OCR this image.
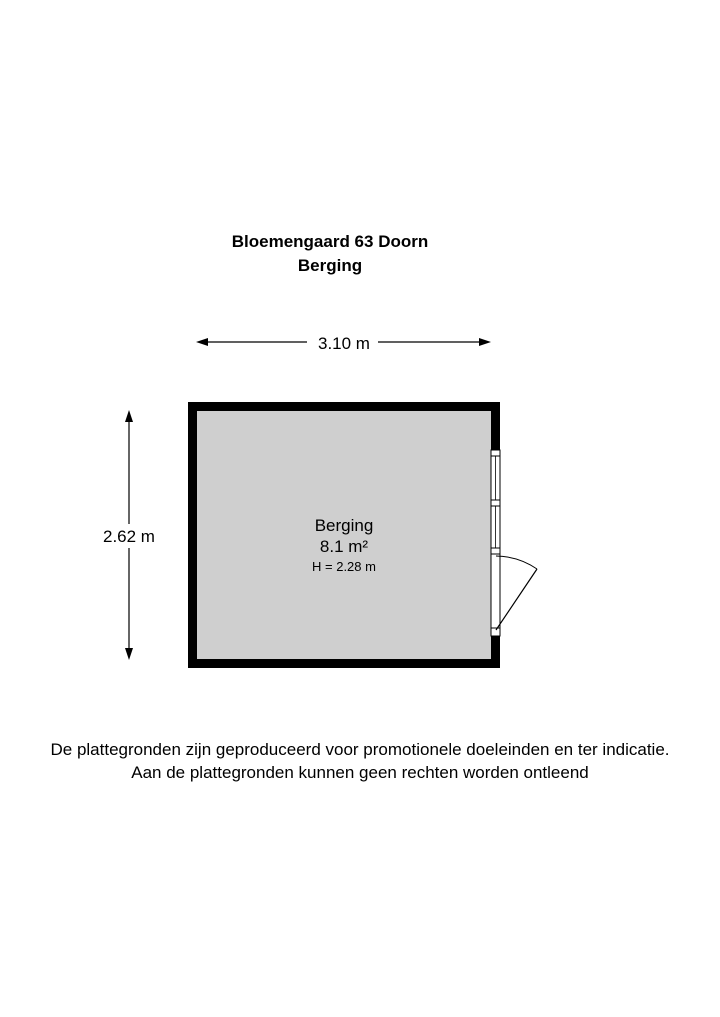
Bloemengaard 63 Doorn
Berging
3.10 m
2.62 m
Berging
8.1 m²
H = 2.28 m
De plattegronden zijn geproduceerd voor promotionele doeleinden en ter indicatie.
Aan de plattegronden kunnen geen rechten worden ontleend
